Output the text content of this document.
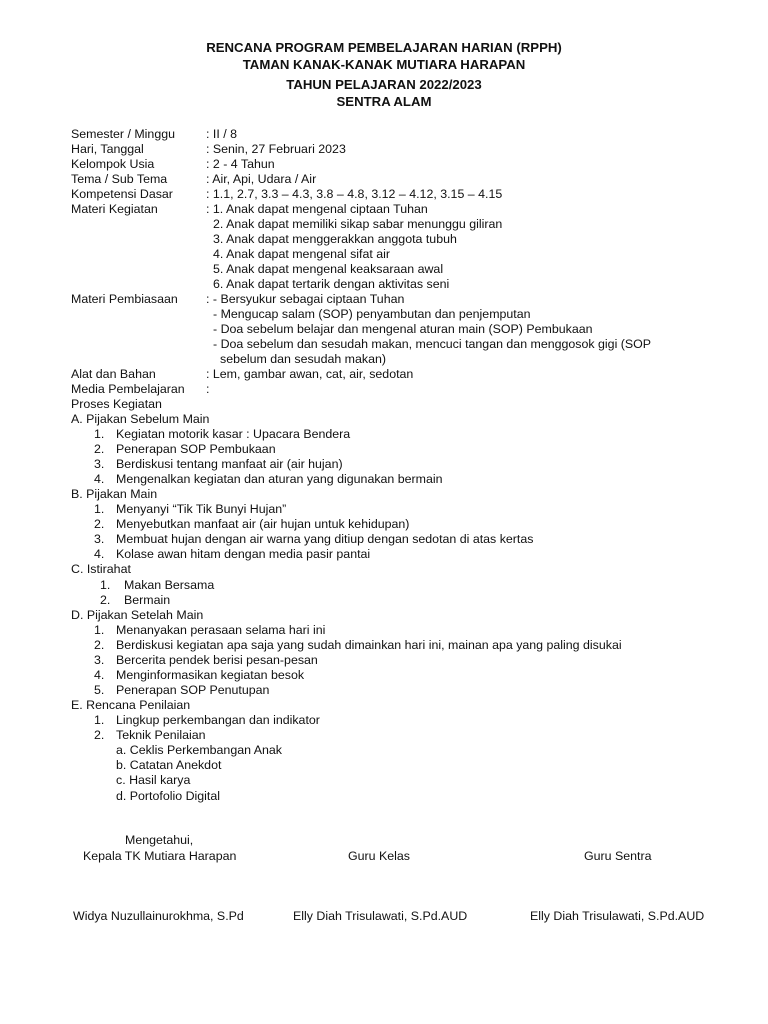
RENCANA PROGRAM PEMBELAJARAN HARIAN (RPPH)
TAMAN KANAK-KANAK MUTIARA HARAPAN
TAHUN PELAJARAN 2022/2023
SENTRA ALAM
Semester / Minggu	: II / 8
Hari, Tanggal	: Senin, 27 Februari 2023
Kelompok Usia	: 2 - 4 Tahun
Tema / Sub Tema	: Air, Api, Udara / Air
Kompetensi Dasar	: 1.1, 2.7, 3.3 – 4.3, 3.8 – 4.8, 3.12 – 4.12, 3.15 – 4.15
Materi Kegiatan	: 1. Anak dapat mengenal ciptaan Tuhan
2. Anak dapat memiliki sikap sabar menunggu giliran
3. Anak dapat menggerakkan anggota tubuh
4. Anak dapat mengenal sifat air
5. Anak dapat mengenal keaksaraan awal
6. Anak dapat tertarik dengan aktivitas seni
Materi Pembiasaan : - Bersyukur sebagai ciptaan Tuhan
- Mengucap salam (SOP) penyambutan dan penjemputan
- Doa sebelum belajar dan mengenal aturan main (SOP) Pembukaan
- Doa sebelum dan sesudah makan, mencuci tangan dan menggosok gigi (SOP
sebelum dan sesudah makan)
Alat dan Bahan	: Lem, gambar awan, cat, air, sedotan
Media Pembelajaran :
Proses Kegiatan
A. Pijakan Sebelum Main
1. Kegiatan motorik kasar : Upacara Bendera
2. Penerapan SOP Pembukaan
3. Berdiskusi tentang manfaat air (air hujan)
4. Mengenalkan kegiatan dan aturan yang digunakan bermain
B. Pijakan Main
1. Menyanyi “Tik Tik Bunyi Hujan”
2. Menyebutkan manfaat air (air hujan untuk kehidupan)
3. Membuat hujan dengan air warna yang ditiup dengan sedotan di atas kertas
4. Kolase awan hitam dengan media pasir pantai
C. Istirahat
1. Makan Bersama
2. Bermain
D. Pijakan Setelah Main
1. Menanyakan perasaan selama hari ini
2. Berdiskusi kegiatan apa saja yang sudah dimainkan hari ini, mainan apa yang paling disukai
3. Bercerita pendek berisi pesan-pesan
4. Menginformasikan kegiatan besok
5. Penerapan SOP Penutupan
E. Rencana Penilaian
1. Lingkup perkembangan dan indikator
2. Teknik Penilaian
a. Ceklis Perkembangan Anak
b. Catatan Anekdot
c. Hasil karya
d. Portofolio Digital
Mengetahui,
Kepala TK Mutiara Harapan	Guru Kelas	Guru Sentra
Widya Nuzullainurokhma, S.Pd	Elly Diah Trisulawati, S.Pd.AUD	Elly Diah Trisulawati, S.Pd.AUD
